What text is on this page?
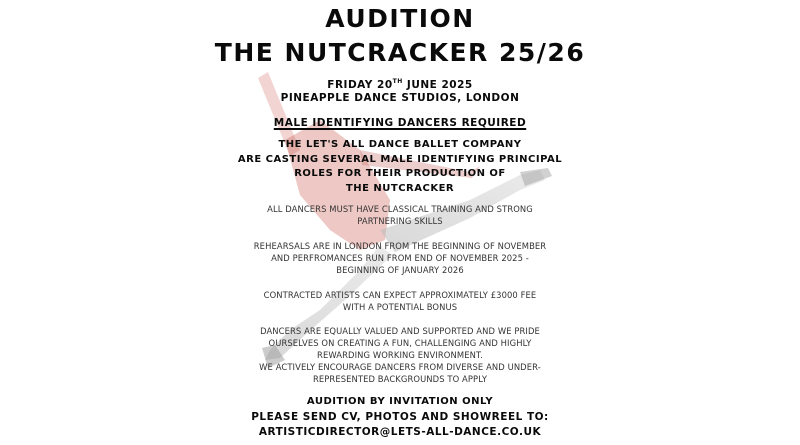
AUDITION
THE NUTCRACKER 25/26
FRIDAY 20TH JUNE 2025
PINEAPPLE DANCE STUDIOS, LONDON
MALE IDENTIFYING DANCERS REQUIRED
THE LET'S ALL DANCE BALLET COMPANY
ARE CASTING SEVERAL MALE IDENTIFYING PRINCIPAL
ROLES FOR THEIR PRODUCTION OF
THE NUTCRACKER
ALL DANCERS MUST HAVE CLASSICAL TRAINING AND STRONG
PARTNERING SKILLS
REHEARSALS ARE IN LONDON FROM THE BEGINNING OF NOVEMBER
AND PERFROMANCES RUN FROM END OF NOVEMBER 2025 -
BEGINNING OF JANUARY 2026
CONTRACTED ARTISTS CAN EXPECT APPROXIMATELY £3000 FEE
WITH A POTENTIAL BONUS
DANCERS ARE EQUALLY VALUED AND SUPPORTED AND WE PRIDE
OURSELVES ON CREATING A FUN, CHALLENGING AND HIGHLY
REWARDING WORKING ENVIRONMENT.
WE ACTIVELY ENCOURAGE DANCERS FROM DIVERSE AND UNDER-
REPRESENTED BACKGROUNDS TO APPLY
AUDITION BY INVITATION ONLY
PLEASE SEND CV, PHOTOS AND SHOWREEL TO:
ARTISTICDIRECTOR@LETS-ALL-DANCE.CO.UK
